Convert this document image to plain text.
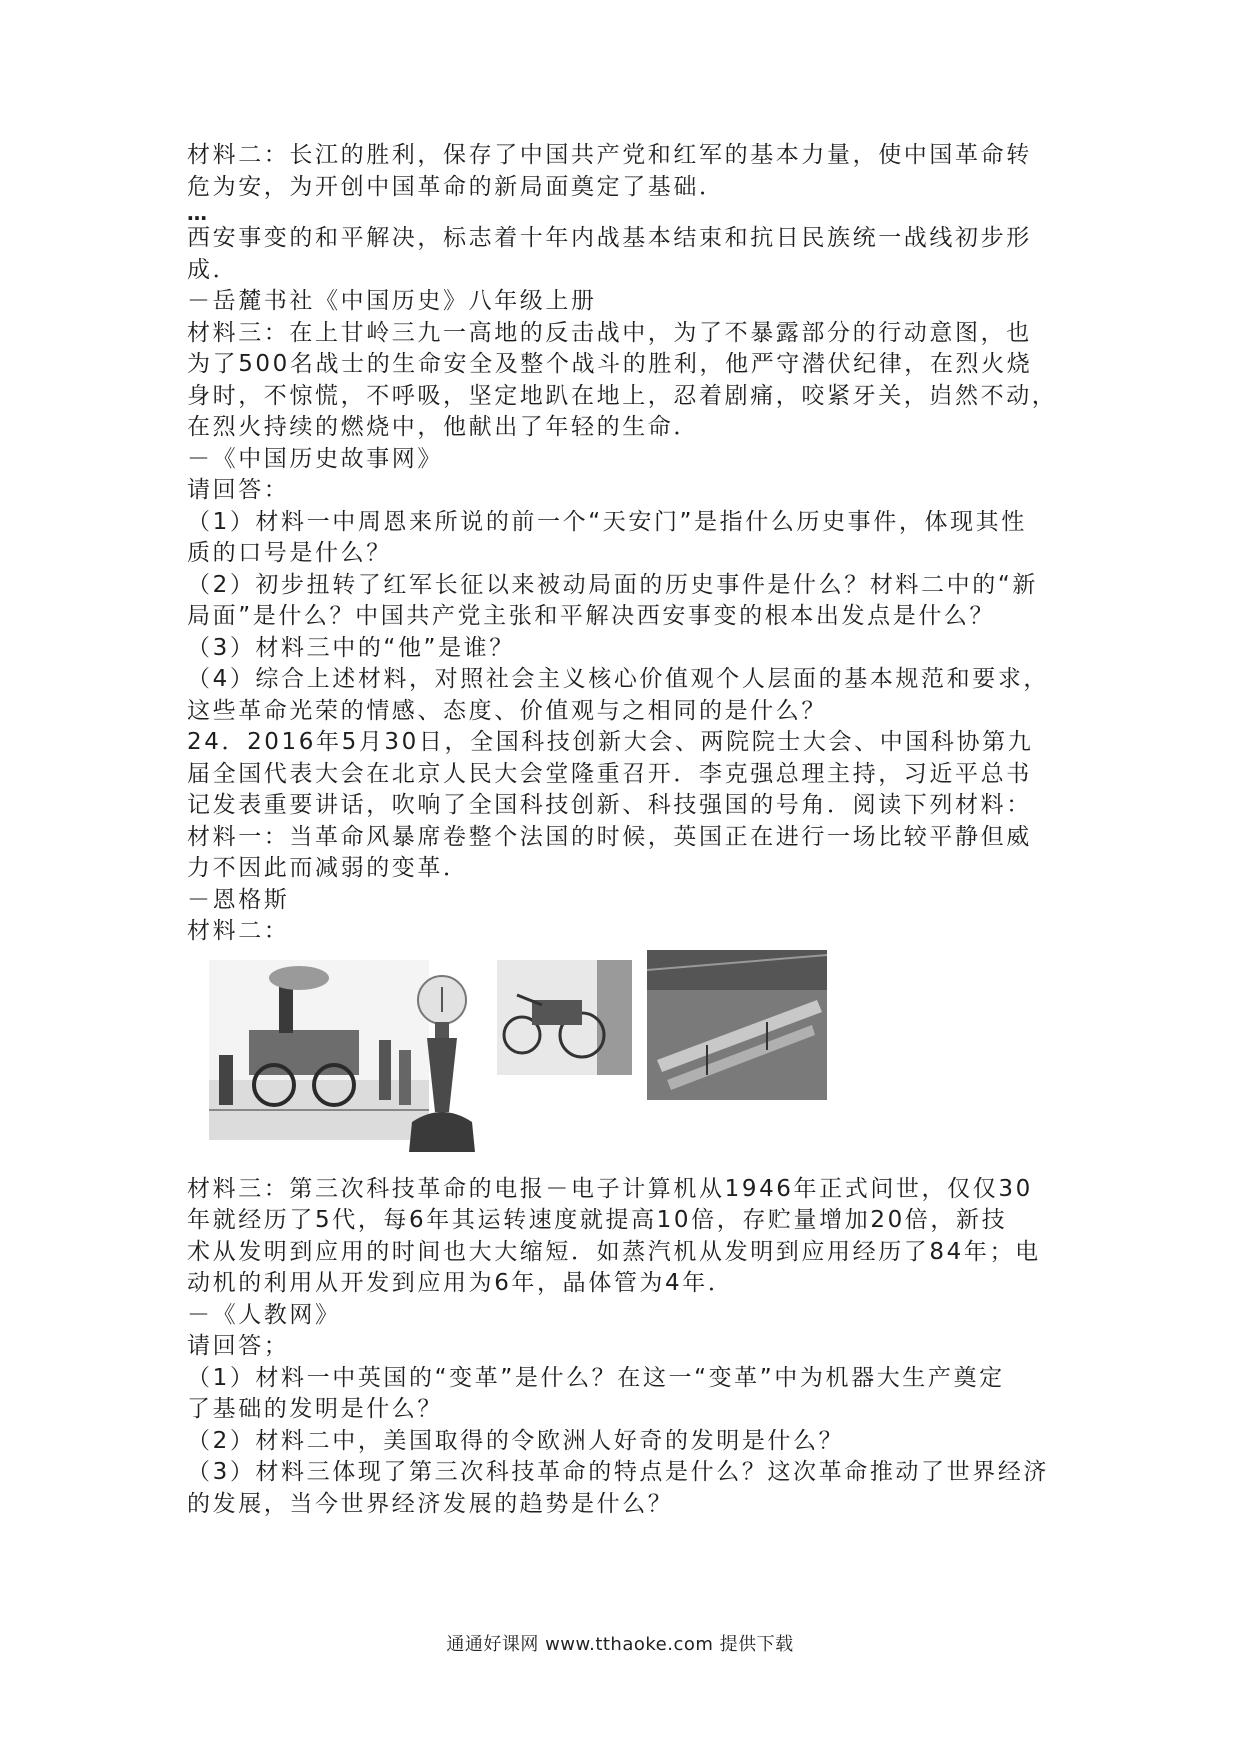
材料二：长江的胜利，保存了中国共产党和红军的基本力量，使中国革命转

危为安，为开创中国革命的新局面奠定了基础．

…

西安事变的和平解决，标志着十年内战基本结束和抗日民族统一战线初步形

成．

－岳麓书社《中国历史》八年级上册

材料三：在上甘岭三九一高地的反击战中，为了不暴露部分的行动意图，也

为了500名战士的生命安全及整个战斗的胜利，他严守潜伏纪律，在烈火烧

身时，不惊慌，不呼吸，坚定地趴在地上，忍着剧痛，咬紧牙关，岿然不动，

在烈火持续的燃烧中，他献出了年轻的生命．

－《中国历史故事网》

请回答：

（1）材料一中周恩来所说的前一个“天安门”是指什么历史事件，体现其性

质的口号是什么？

（2）初步扭转了红军长征以来被动局面的历史事件是什么？材料二中的“新

局面”是什么？中国共产党主张和平解决西安事变的根本出发点是什么？

（3）材料三中的“他”是谁？

（4）综合上述材料，对照社会主义核心价值观个人层面的基本规范和要求，

这些革命光荣的情感、态度、价值观与之相同的是什么？

24．2016年5月30日，全国科技创新大会、两院院士大会、中国科协第九

届全国代表大会在北京人民大会堂隆重召开．李克强总理主持，习近平总书

记发表重要讲话，吹响了全国科技创新、科技强国的号角．阅读下列材料：

材料一：当革命风暴席卷整个法国的时候，英国正在进行一场比较平静但威

力不因此而减弱的变革．

－恩格斯

材料二：

材料三：第三次科技革命的电报－电子计算机从1946年正式问世，仅仅30

年就经历了5代，每6年其运转速度就提高10倍，存贮量增加20倍，新技

术从发明到应用的时间也大大缩短．如蒸汽机从发明到应用经历了84年；电

动机的利用从开发到应用为6年，晶体管为4年．

－《人教网》

请回答；

（1）材料一中英国的“变革”是什么？在这一“变革”中为机器大生产奠定

了基础的发明是什么？

（2）材料二中，美国取得的令欧洲人好奇的发明是什么？

（3）材料三体现了第三次科技革命的特点是什么？这次革命推动了世界经济

的发展，当今世界经济发展的趋势是什么？

通通好课网 www.tthaoke.com 提供下载
